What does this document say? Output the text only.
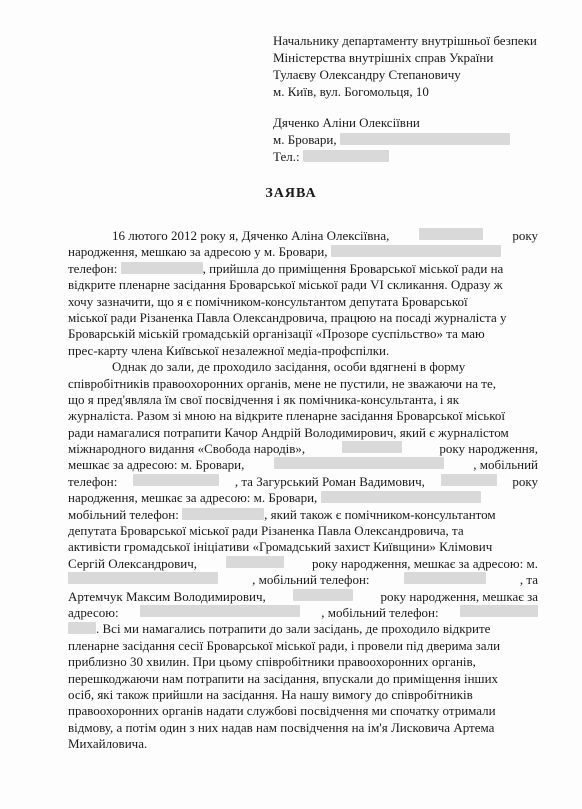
Начальнику департаменту внутрішньої безпеки
Міністерства внутрішніх справ України
Тулаєву Олександру Степановичу
м. Київ, вул. Богомольця, 10
Дяченко Аліни Олексіївни
м. Бровари,
Тел.:
ЗАЯВА
16 лютого 2012 року я, Дяченко Аліна Олексіївна,	року
народження, мешкаю за адресою у м. Бровари,
телефон:	, прийшла до приміщення Броварської міської ради на
відкрите пленарне засідання Броварської міської ради VI скликання. Одразу ж
хочу зазначити, що я є помічником-консультантом депутата Броварської
міської ради Різаненка Павла Олександровича, працюю на посаді журналіста у
Броварській міській громадській організації «Прозоре суспільство» та маю
прес-карту члена Київської незалежної медіа-профспілки.
Однак до зали, де проходило засідання, особи вдягнені в форму
співробітників правоохоронних органів, мене не пустили, не зважаючи на те,
що я пред'являла їм свої посвідчення і як помічника-консультанта, і як
журналіста. Разом зі мною на відкрите пленарне засідання Броварської міської
ради намагалися потрапити Качор Андрій Володимирович, який є журналістом
міжнародного видання «Свобода народів»,	року народження,
мешкає за адресою: м. Бровари,	, мобільний
телефон:	, та Загурський Роман Вадимович,	року
народження, мешкає за адресою: м. Бровари,
мобільний телефон:	, який також є помічником-консультантом
депутата Броварської міської ради Різаненка Павла Олександровича, та
активісти громадської ініціативи «Громадський захист Київщини» Клімович
Сергій Олександрович,	року народження, мешкає за адресою: м.
, мобільний телефон:	, та
Артемчук Максим Володимирович,	року народження, мешкає за
адресою:	, мобільний телефон:
. Всі ми намагались потрапити до зали засідань, де проходило відкрите
пленарне засідання сесії Броварської міської ради, і провели під дверима зали
приблизно 30 хвилин. При цьому співробітники правоохоронних органів,
перешкоджаючи нам потрапити на засідання, впускали до приміщення інших
осіб, які також прийшли на засідання. На нашу вимогу до співробітників
правоохоронних органів надати службові посвідчення ми спочатку отримали
відмову, а потім один з них надав нам посвідчення на ім'я Лисковича Артема
Михайловича.
